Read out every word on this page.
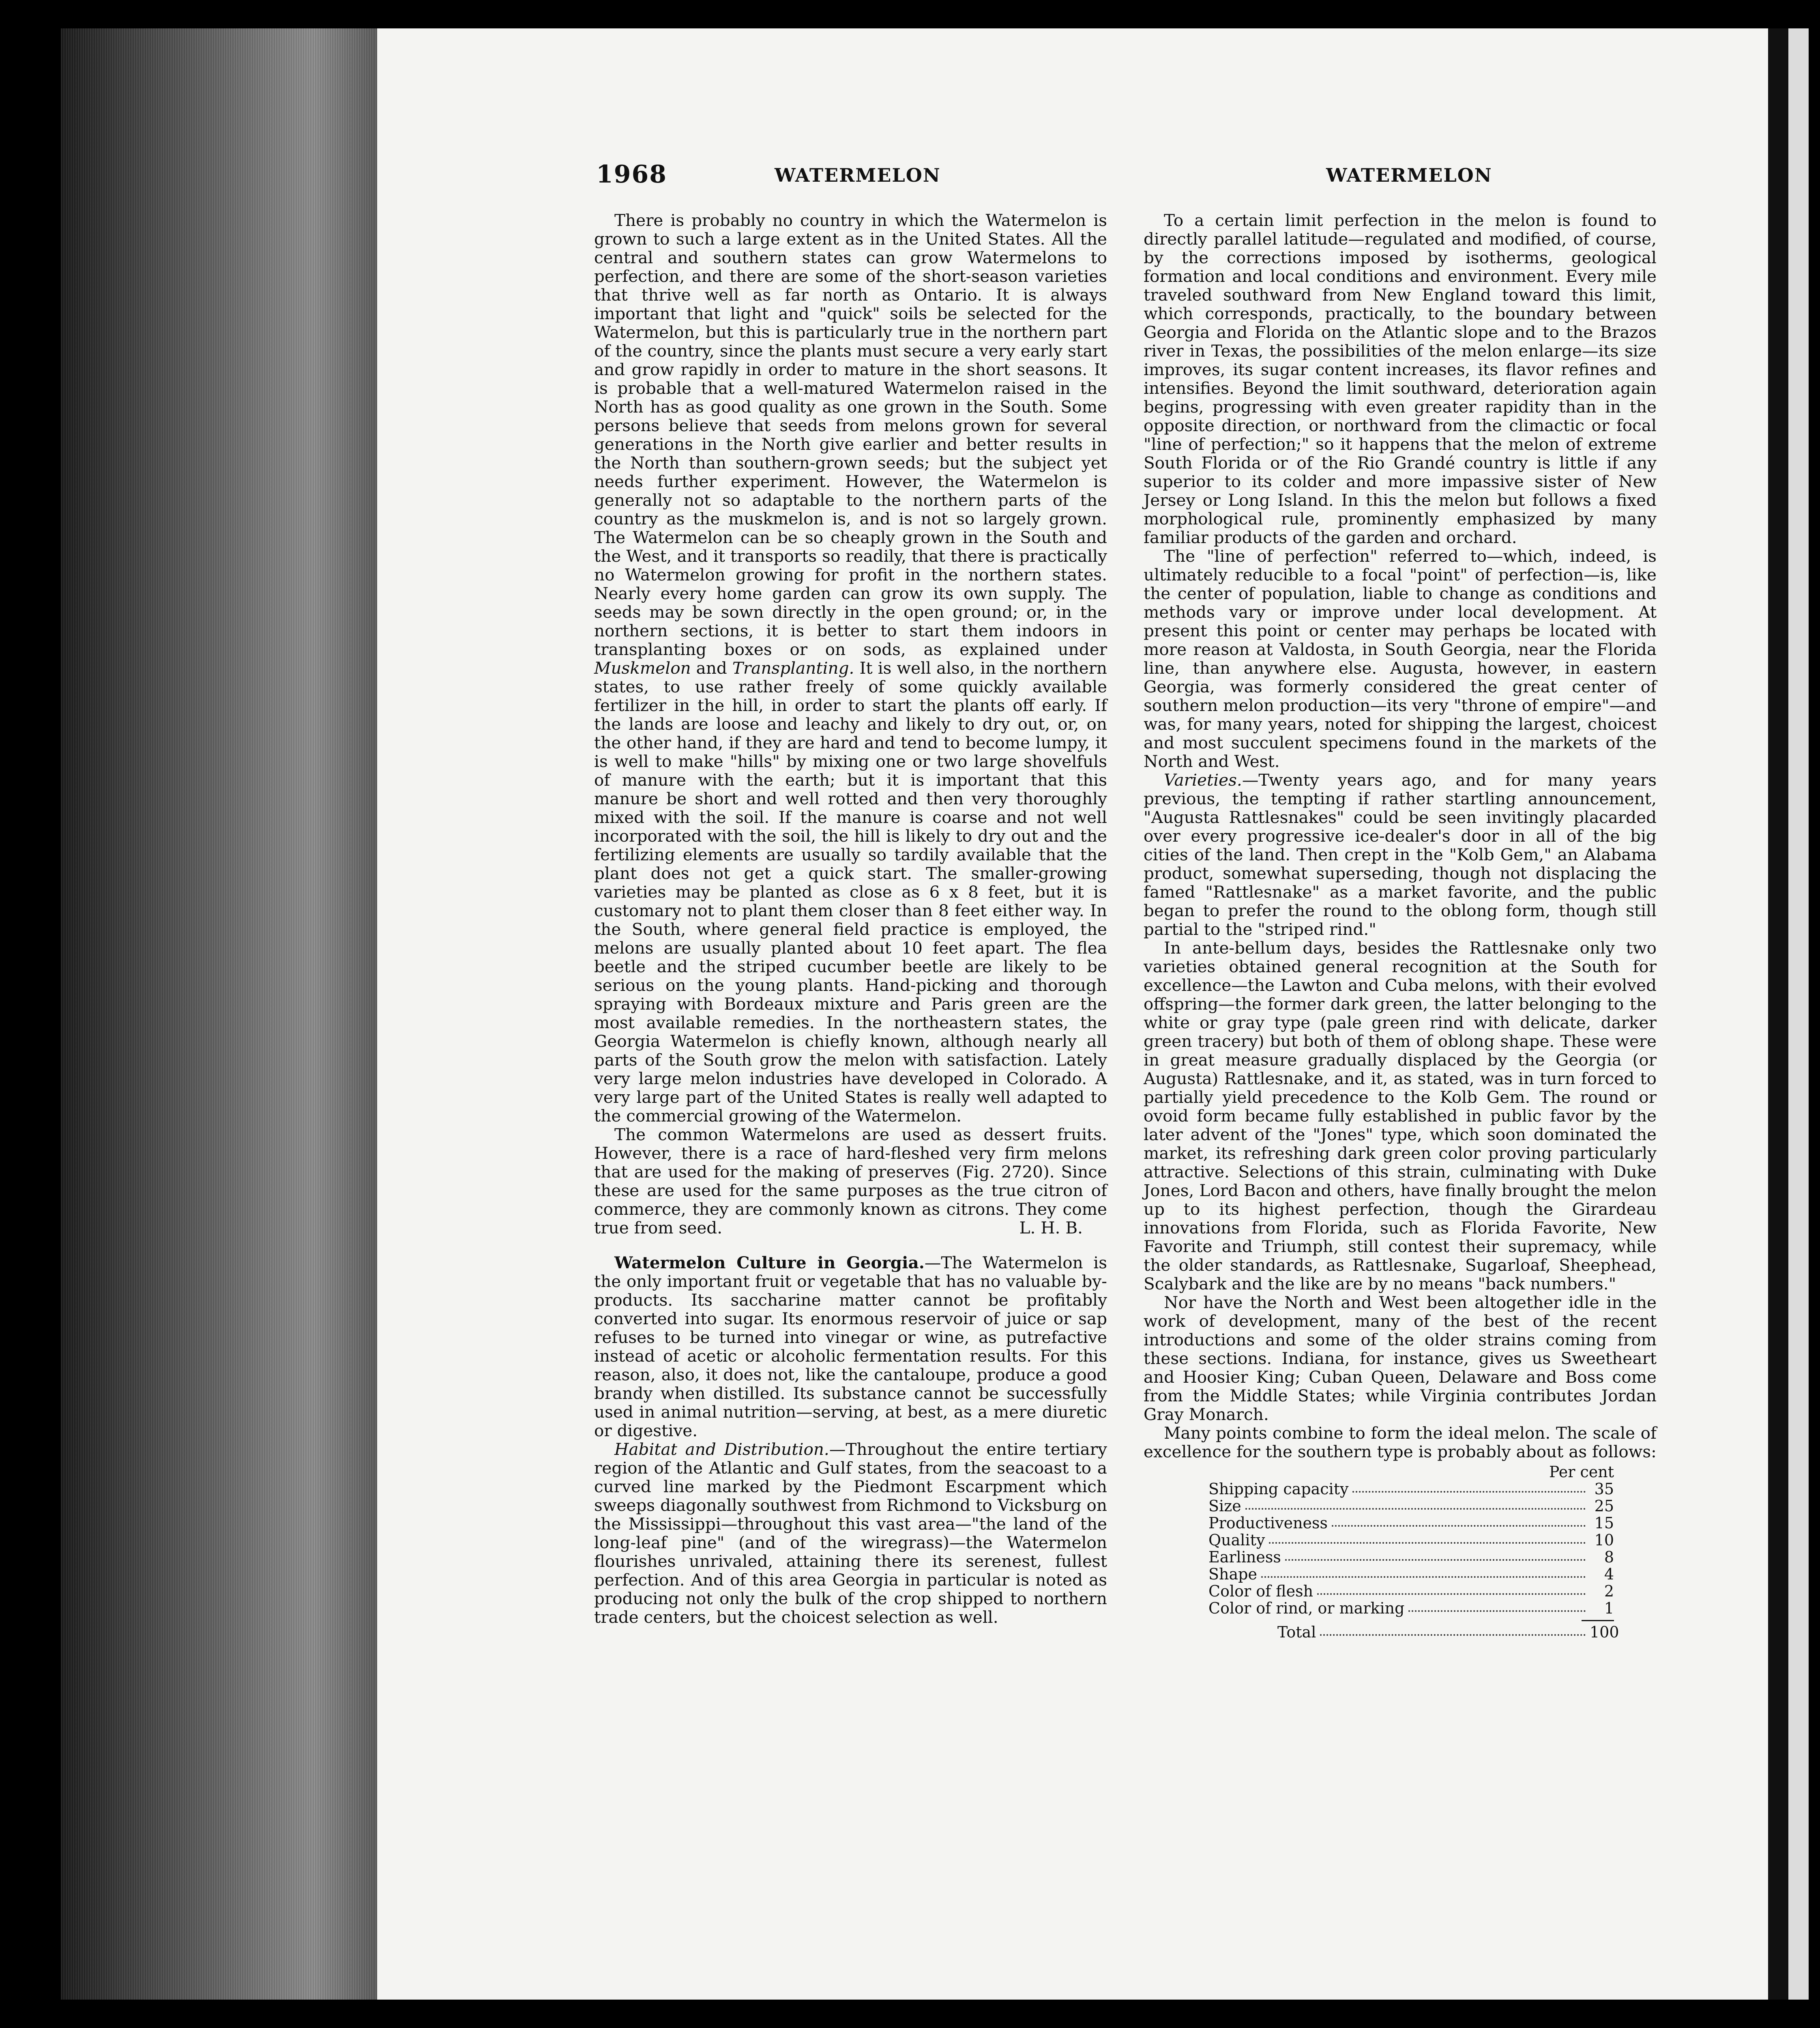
1968	WATERMELON	WATERMELON

There is probably no country in which the Watermelon is grown to such a large extent as in the United States. All the central and southern states can grow Watermelons to perfection, and there are some of the short-season varieties that thrive well as far north as Ontario. It is always important that light and "quick" soils be selected for the Watermelon, but this is particularly true in the northern part of the country, since the plants must secure a very early start and grow rapidly in order to mature in the short seasons. It is probable that a well-matured Watermelon raised in the North has as good quality as one grown in the South. Some persons believe that seeds from melons grown for several generations in the North give earlier and better results in the North than southern-grown seeds; but the subject yet needs further experiment. However, the Watermelon is generally not so adaptable to the northern parts of the country as the muskmelon is, and is not so largely grown. The Watermelon can be so cheaply grown in the South and the West, and it transports so readily, that there is practically no Watermelon growing for profit in the northern states. Nearly every home garden can grow its own supply. The seeds may be sown directly in the open ground; or, in the northern sections, it is better to start them indoors in transplanting boxes or on sods, as explained under Muskmelon and Transplanting. It is well also, in the northern states, to use rather freely of some quickly available fertilizer in the hill, in order to start the plants off early. If the lands are loose and leachy and likely to dry out, or, on the other hand, if they are hard and tend to become lumpy, it is well to make "hills" by mixing one or two large shovelfuls of manure with the earth; but it is important that this manure be short and well rotted and then very thoroughly mixed with the soil. If the manure is coarse and not well incorporated with the soil, the hill is likely to dry out and the fertilizing elements are usually so tardily available that the plant does not get a quick start. The smaller-growing varieties may be planted as close as 6 x 8 feet, but it is customary not to plant them closer than 8 feet either way. In the South, where general field practice is employed, the melons are usually planted about 10 feet apart. The flea beetle and the striped cucumber beetle are likely to be serious on the young plants. Hand-picking and thorough spraying with Bordeaux mixture and Paris green are the most available remedies. In the northeastern states, the Georgia Watermelon is chiefly known, although nearly all parts of the South grow the melon with satisfaction. Lately very large melon industries have developed in Colorado. A very large part of the United States is really well adapted to the commercial growing of the Watermelon.

The common Watermelons are used as dessert fruits. However, there is a race of hard-fleshed very firm melons that are used for the making of preserves (Fig. 2720). Since these are used for the same purposes as the true citron of commerce, they are commonly known as citrons. They come true from seed.	L. H. B.

Watermelon Culture in Georgia.—The Watermelon is the only important fruit or vegetable that has no valuable by-products. Its saccharine matter cannot be profitably converted into sugar. Its enormous reservoir of juice or sap refuses to be turned into vinegar or wine, as putrefactive instead of acetic or alcoholic fermentation results. For this reason, also, it does not, like the cantaloupe, produce a good brandy when distilled. Its substance cannot be successfully used in animal nutrition—serving, at best, as a mere diuretic or digestive.

Habitat and Distribution.—Throughout the entire tertiary region of the Atlantic and Gulf states, from the seacoast to a curved line marked by the Piedmont Escarpment which sweeps diagonally southwest from Richmond to Vicksburg on the Mississippi—throughout this vast area—"the land of the long-leaf pine" (and of the wiregrass)—the Watermelon flourishes unrivaled, attaining there its serenest, fullest perfection. And of this area Georgia in particular is noted as producing not only the bulk of the crop shipped to northern trade centers, but the choicest selection as well.

To a certain limit perfection in the melon is found to directly parallel latitude—regulated and modified, of course, by the corrections imposed by isotherms, geological formation and local conditions and environment. Every mile traveled southward from New England toward this limit, which corresponds, practically, to the boundary between Georgia and Florida on the Atlantic slope and to the Brazos river in Texas, the possibilities of the melon enlarge—its size improves, its sugar content increases, its flavor refines and intensifies. Beyond the limit southward, deterioration again begins, progressing with even greater rapidity than in the opposite direction, or northward from the climactic or focal "line of perfection;" so it happens that the melon of extreme South Florida or of the Rio Grandé country is little if any superior to its colder and more impassive sister of New Jersey or Long Island. In this the melon but follows a fixed morphological rule, prominently emphasized by many familiar products of the garden and orchard.

The "line of perfection" referred to—which, indeed, is ultimately reducible to a focal "point" of perfection—is, like the center of population, liable to change as conditions and methods vary or improve under local development. At present this point or center may perhaps be located with more reason at Valdosta, in South Georgia, near the Florida line, than anywhere else. Augusta, however, in eastern Georgia, was formerly considered the great center of southern melon production—its very "throne of empire"—and was, for many years, noted for shipping the largest, choicest and most succulent specimens found in the markets of the North and West.

Varieties.—Twenty years ago, and for many years previous, the tempting if rather startling announcement, "Augusta Rattlesnakes" could be seen invitingly placarded over every progressive ice-dealer's door in all of the big cities of the land. Then crept in the "Kolb Gem," an Alabama product, somewhat superseding, though not displacing the famed "Rattlesnake" as a market favorite, and the public began to prefer the round to the oblong form, though still partial to the "striped rind."

In ante-bellum days, besides the Rattlesnake only two varieties obtained general recognition at the South for excellence—the Lawton and Cuba melons, with their evolved offspring—the former dark green, the latter belonging to the white or gray type (pale green rind with delicate, darker green tracery) but both of them of oblong shape. These were in great measure gradually displaced by the Georgia (or Augusta) Rattlesnake, and it, as stated, was in turn forced to partially yield precedence to the Kolb Gem. The round or ovoid form became fully established in public favor by the later advent of the "Jones" type, which soon dominated the market, its refreshing dark green color proving particularly attractive. Selections of this strain, culminating with Duke Jones, Lord Bacon and others, have finally brought the melon up to its highest perfection, though the Girardeau innovations from Florida, such as Florida Favorite, New Favorite and Triumph, still contest their supremacy, while the older standards, as Rattlesnake, Sugarloaf, Sheephead, Scalybark and the like are by no means "back numbers."

Nor have the North and West been altogether idle in the work of development, many of the best of the recent introductions and some of the older strains coming from these sections. Indiana, for instance, gives us Sweetheart and Hoosier King; Cuban Queen, Delaware and Boss come from the Middle States; while Virginia contributes Jordan Gray Monarch.

Many points combine to form the ideal melon. The scale of excellence for the southern type is probably about as follows:

Per cent
Shipping capacity	35
Size	25
Productiveness	15
Quality	10
Earliness	8
Shape	4
Color of flesh	2
Color of rind, or marking	1
Total	100
